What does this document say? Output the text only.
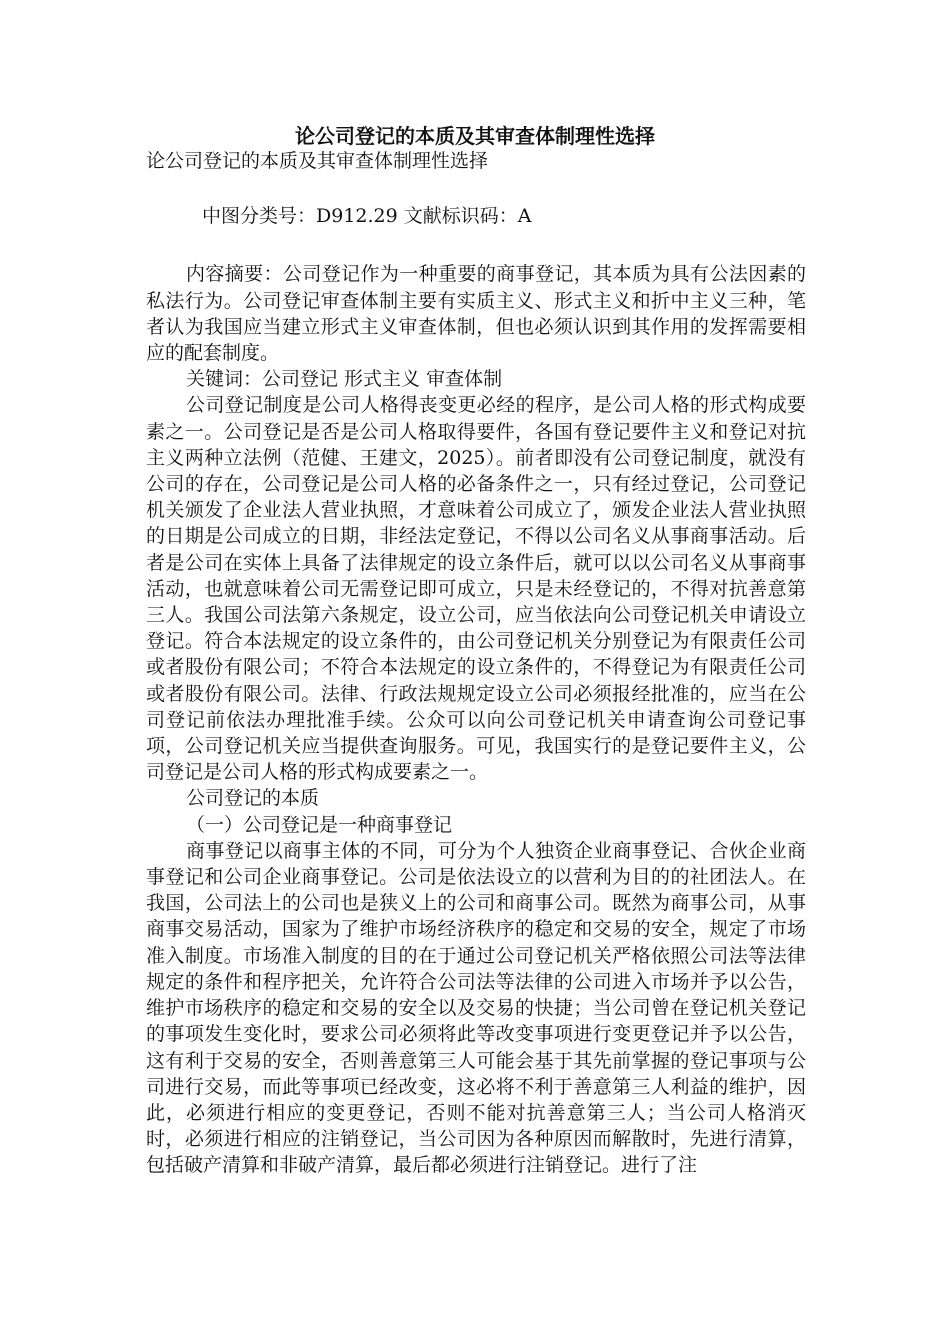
论公司登记的本质及其审查体制理性选择

论公司登记的本质及其审查体制理性选择

中图分类号：D912.29 文献标识码：A

内容摘要：公司登记作为一种重要的商事登记，其本质为具有公法因素的私法行为。公司登记审查体制主要有实质主义、形式主义和折中主义三种，笔者认为我国应当建立形式主义审查体制，但也必须认识到其作用的发挥需要相应的配套制度。

关键词：公司登记 形式主义 审查体制

公司登记制度是公司人格得丧变更必经的程序，是公司人格的形式构成要素之一。公司登记是否是公司人格取得要件，各国有登记要件主义和登记对抗主义两种立法例（范健、王建文，2025）。前者即没有公司登记制度，就没有公司的存在，公司登记是公司人格的必备条件之一，只有经过登记，公司登记机关颁发了企业法人营业执照，才意味着公司成立了，颁发企业法人营业执照的日期是公司成立的日期，非经法定登记，不得以公司名义从事商事活动。后者是公司在实体上具备了法律规定的设立条件后，就可以以公司名义从事商事活动，也就意味着公司无需登记即可成立，只是未经登记的，不得对抗善意第三人。我国公司法第六条规定，设立公司，应当依法向公司登记机关申请设立登记。符合本法规定的设立条件的，由公司登记机关分别登记为有限责任公司或者股份有限公司；不符合本法规定的设立条件的，不得登记为有限责任公司或者股份有限公司。法律、行政法规规定设立公司必须报经批准的，应当在公司登记前依法办理批准手续。公众可以向公司登记机关申请查询公司登记事项，公司登记机关应当提供查询服务。可见，我国实行的是登记要件主义，公司登记是公司人格的形式构成要素之一。

公司登记的本质

（一）公司登记是一种商事登记

商事登记以商事主体的不同，可分为个人独资企业商事登记、合伙企业商事登记和公司企业商事登记。公司是依法设立的以营利为目的的社团法人。在我国，公司法上的公司也是狭义上的公司和商事公司。既然为商事公司，从事商事交易活动，国家为了维护市场经济秩序的稳定和交易的安全，规定了市场准入制度。市场准入制度的目的在于通过公司登记机关严格依照公司法等法律规定的条件和程序把关，允许符合公司法等法律的公司进入市场并予以公告，维护市场秩序的稳定和交易的安全以及交易的快捷；当公司曾在登记机关登记的事项发生变化时，要求公司必须将此等改变事项进行变更登记并予以公告，这有利于交易的安全，否则善意第三人可能会基于其先前掌握的登记事项与公司进行交易，而此等事项已经改变，这必将不利于善意第三人利益的维护，因此，必须进行相应的变更登记，否则不能对抗善意第三人；当公司人格消灭时，必须进行相应的注销登记，当公司因为各种原因而解散时，先进行清算，包括破产清算和非破产清算，最后都必须进行注销登记。进行了注
